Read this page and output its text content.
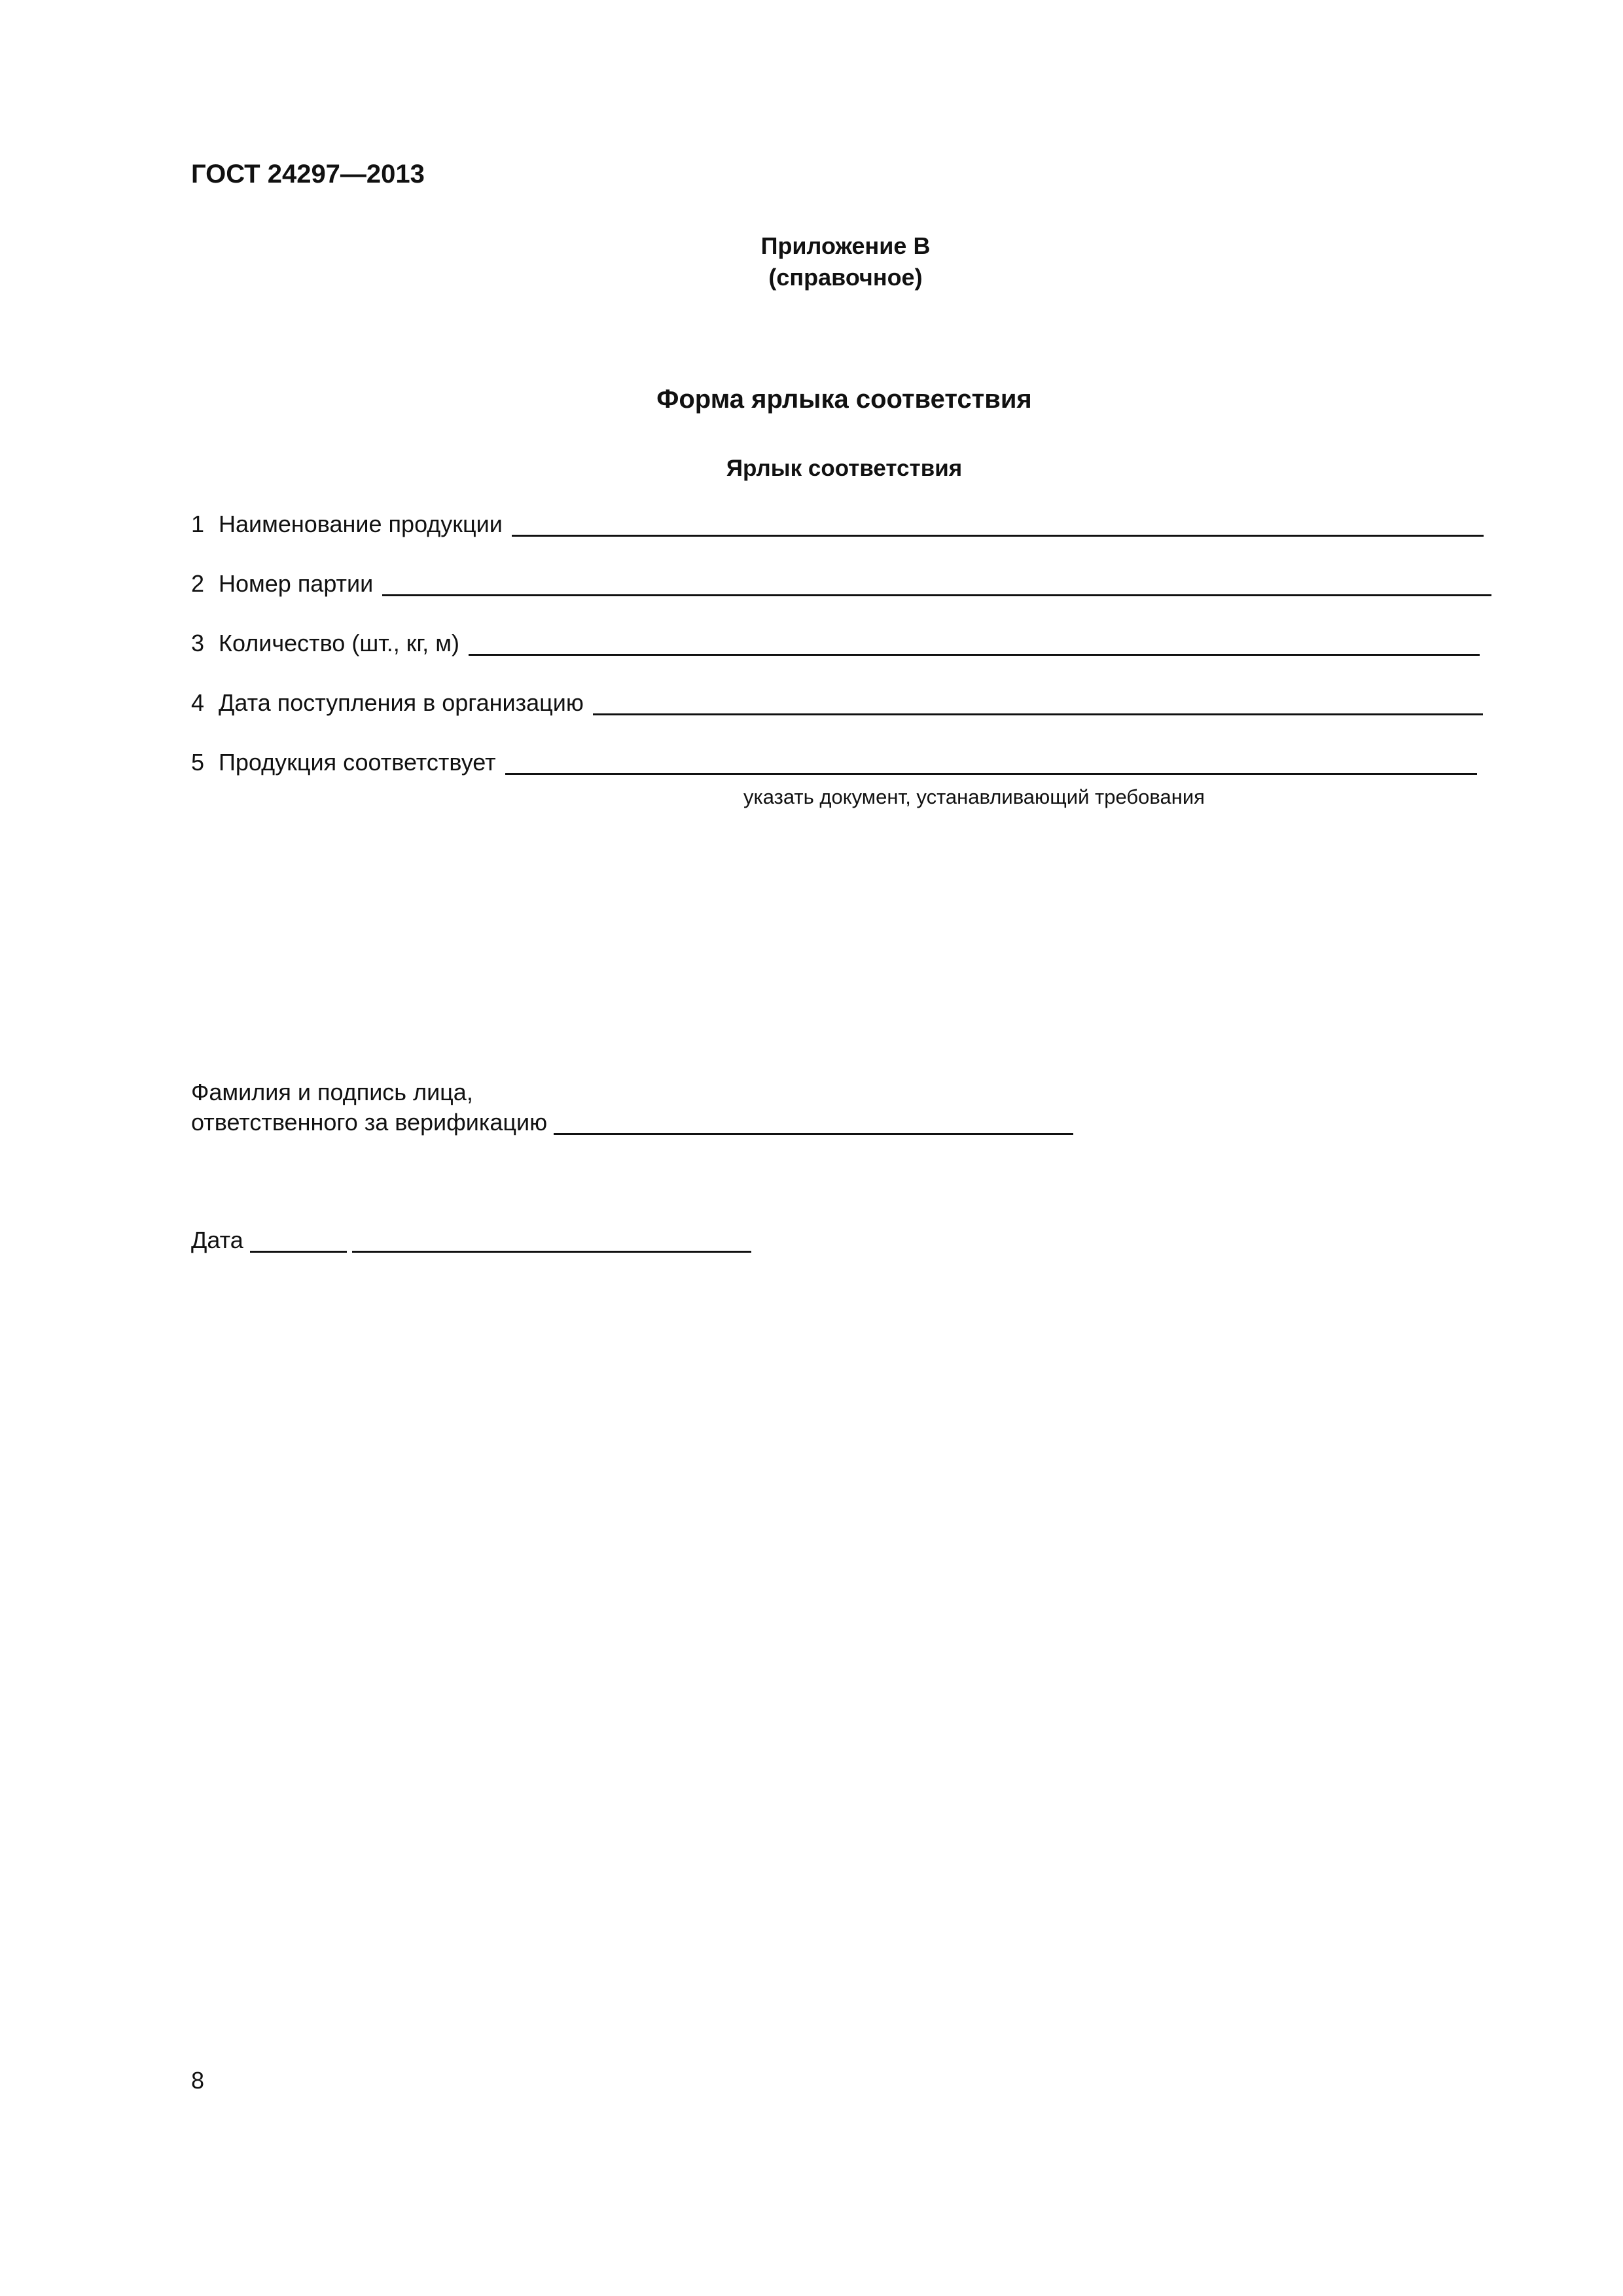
ГОСТ 24297—2013
Приложение В
(справочное)
Форма ярлыка соответствия
Ярлык соответствия
1 Наименование продукции
2 Номер партии
3 Количество (шт., кг, м)
4 Дата поступления в организацию
5 Продукция соответствует
указать документ, устанавливающий требования
Фамилия и подпись лица,
ответственного за верификацию
Дата
8
